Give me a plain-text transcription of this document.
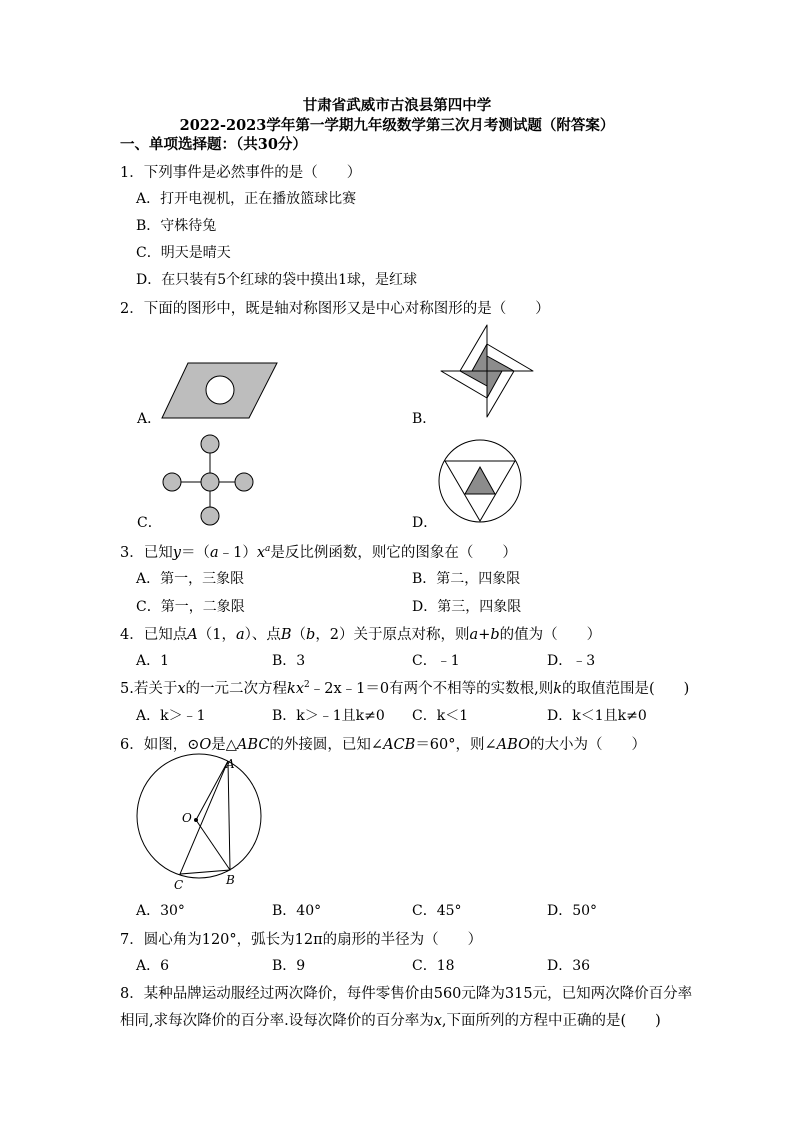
甘肃省武威市古浪县第四中学
2022-2023学年第一学期九年级数学第三次月考测试题（附答案）
一、单项选择题：（共30分）
1．下列事件是必然事件的是（　　）
A．打开电视机，正在播放篮球比赛
B．守株待兔
C．明天是晴天
D．在只装有5个红球的袋中摸出1球，是红球
2．下面的图形中，既是轴对称图形又是中心对称图形的是（　　）
A．	B．
C．	D．
3．已知$y=(a﹣1)x^a$是反比例函数，则它的图象在（　　）
A．第一，三象限	B．第二，四象限
C．第一，二象限	D．第三，四象限
4．已知点A（1，a）、点B（b，2）关于原点对称，则a+b的值为（　　）
A．1	B．3	C．﹣1	D．﹣3
5.若关于x的一元二次方程$kx^2﹣2x﹣1=0$有两个不相等的实数根,则k的取值范围是(　　)
A．k＞﹣1	B．k＞﹣1且k≠0 C．k＜1	D．k＜1且k≠0
6．如图，⊙O是△ABC的外接圆，已知∠ACB＝60°，则∠ABO的大小为（　　）
A
O
C	B
A．30°	B．40°	C．45°	D．50°
7．圆心角为120°，弧长为12π的扇形的半径为（　　）
A．6	B．9	C．18	D．36
8．某种品牌运动服经过两次降价，每件零售价由560元降为315元，已知两次降价百分率
相同,求每次降价的百分率.设每次降价的百分率为x,下面所列的方程中正确的是(　　)
